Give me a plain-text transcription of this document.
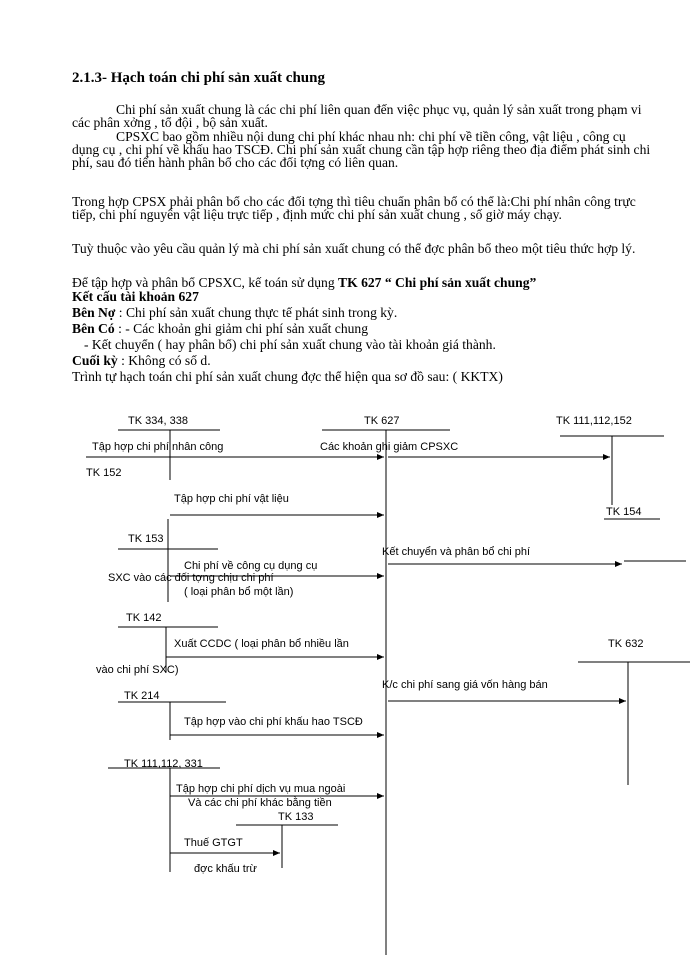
2.1.3- Hạch toán chi phí sản xuất chung
Chi phí sản xuất chung là các chi phí liên quan đến việc phục vụ, quản lý sản xuất trong phạm vi các phân xởng , tổ đội , bộ sản xuất.
CPSXC bao gồm nhiều nội dung chi phí khác nhau nh: chi phí về tiền công, vật liệu , công cụ dụng cụ , chi phí về khấu hao TSCĐ. Chi phí sản xuất chung cần tập hợp riêng theo địa điểm phát sinh chi phí, sau đó tiến hành phân bổ cho các đối tợng có liên quan.
Trong hợp CPSX phải phân bổ cho các đối tợng thì tiêu chuẩn phân bổ có thể là:Chi phí nhân công trực tiếp, chi phí nguyên vật liệu trực tiếp , định mức chi phí sản xuất chung , số giờ máy chạy.
Tuỳ thuộc vào yêu cầu quản lý mà chi phí sản xuất chung có thể đợc phân bổ theo một tiêu thức hợp lý.
Để tập hợp và phân bổ CPSXC, kế toán sử dụng TK 627 “ Chi phí sản xuất chung”
Kết cấu tài khoản 627
Bên Nợ : Chi phí sản xuất chung thực tế phát sinh trong kỳ.
Bên Có : - Các khoản ghi giảm chi phí sản xuất chung
- Kết chuyển ( hay phân bổ) chi phí sản xuất chung vào tài khoản giá thành.
Cuối kỳ : Không có số d.
Trình tự hạch toán chi phí sản xuất chung đợc thể hiện qua sơ đồ sau: ( KKTX)
TK 334, 338	TK 627	TK 111,112,152
Tập hợp chi phí nhân công	Các khoản ghi giảm CPSXC
TK 152
Tập hợp chi phí vật liệu
TK 154
TK 153
Kết chuyển và phân bổ chi phí
Chi phí về công cụ dụng cụ
SXC vào các đối tợng chịu chi phí
( loại phân bổ một lần)
TK 142
Xuất CCDC ( loại phân bổ nhiều lần	TK 632
vào chi phí SXC)
K/c chi phí sang giá vốn hàng bán
TK 214
Tập hợp vào chi phí khấu hao TSCĐ
TK 111,112, 331
Tập hợp chi phí dịch vụ mua ngoài
Và các chi phí khác bằng tiền
TK 133
Thuế GTGT
đợc khấu trừ
